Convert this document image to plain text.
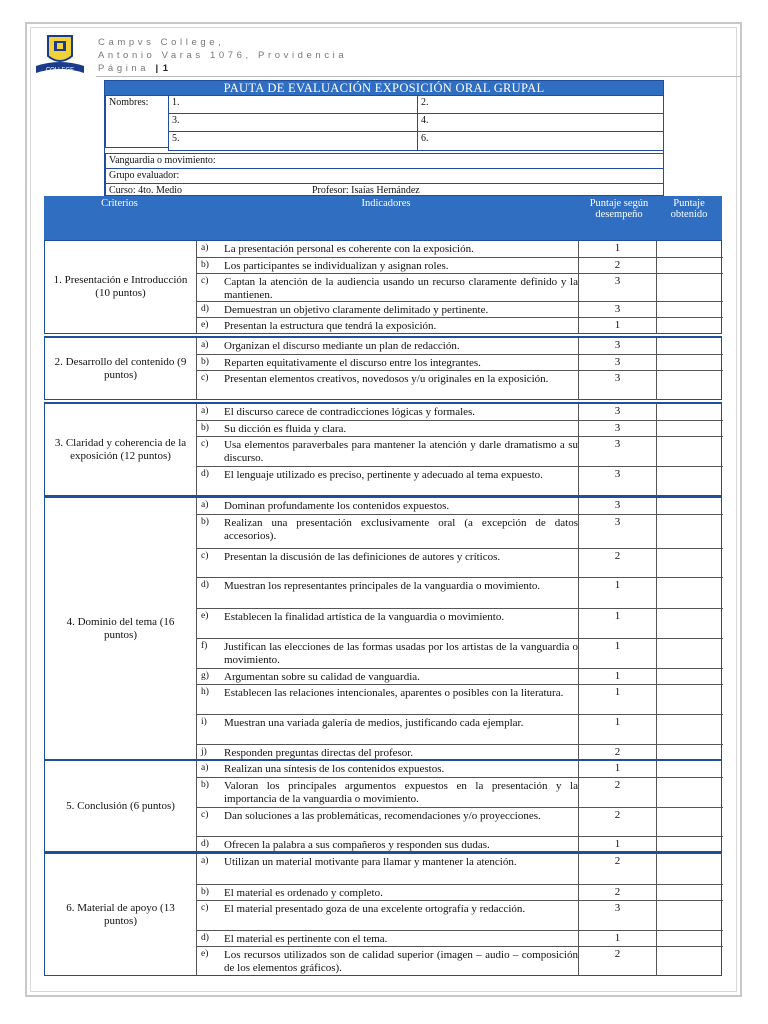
COLLEGE
Campvs College,
Antonio Varas 1076, Providencia
Página | 1
PAUTA DE EVALUACIÓN EXPOSICIÓN ORAL GRUPAL
Nombres:	1.	2.
3.	4.
5.	6.
Vanguardia o movimiento:
Grupo evaluador:
Curso: 4to. Medio	Profesor: Isaías Hernández
Criterios	Indicadores	Puntaje según desempeño
Puntaje obtenido
1. Presentación e Introducción (10 puntos)
a) La presentación personal es coherente con la exposición.	1
b) Los participantes se individualizan y asignan roles.	2
c) Captan la atención de la audiencia usando un recurso claramente definido y la mantienen.
3
d) Demuestran un objetivo claramente delimitado y pertinente.	3
e) Presentan la estructura que tendrá la exposición.	1
2. Desarrollo del contenido (9 puntos)
a) Organizan el discurso mediante un plan de redacción.	3
b) Reparten equitativamente el discurso entre los integrantes.	3
c) Presentan elementos creativos, novedosos y/u originales en la exposición.	3
3. Claridad y coherencia de la exposición (12 puntos)
a) El discurso carece de contradicciones lógicas y formales.	3
b) Su dicción es fluida y clara.	3
c) Usa elementos paraverbales para mantener la atención y darle dramatismo a su discurso.
3
d) El lenguaje utilizado es preciso, pertinente y adecuado al tema expuesto.	3
4. Dominio del tema (16 puntos)
a) Dominan profundamente los contenidos expuestos.	3
b) Realizan una presentación exclusivamente oral (a excepción de datos accesorios).
3
c) Presentan la discusión de las definiciones de autores y críticos.	2
d) Muestran los representantes principales de la vanguardia o movimiento.	1
e) Establecen la finalidad artística de la vanguardia o movimiento.	1
f) Justifican las elecciones de las formas usadas por los artistas de la vanguardia o movimiento.
1
g) Argumentan sobre su calidad de vanguardia.	1
h) Establecen las relaciones intencionales, aparentes o posibles con la literatura.	1
i) Muestran una variada galería de medios, justificando cada ejemplar.	1
j) Responden preguntas directas del profesor.	2
5. Conclusión (6 puntos)
a) Realizan una síntesis de los contenidos expuestos.	1
b) Valoran los principales argumentos expuestos en la presentación y la importancia de la vanguardia o movimiento.
2
c) Dan soluciones a las problemáticas, recomendaciones y/o proyecciones.	2
d) Ofrecen la palabra a sus compañeros y responden sus dudas.	1
6. Material de apoyo (13 puntos)
a) Utilizan un material motivante para llamar y mantener la atención.	2
b) El material es ordenado y completo.	2
c) El material presentado goza de una excelente ortografía y redacción.	3
d) El material es pertinente con el tema.	1
e) Los recursos utilizados son de calidad superior (imagen – audio – composición de los elementos gráficos).
2
